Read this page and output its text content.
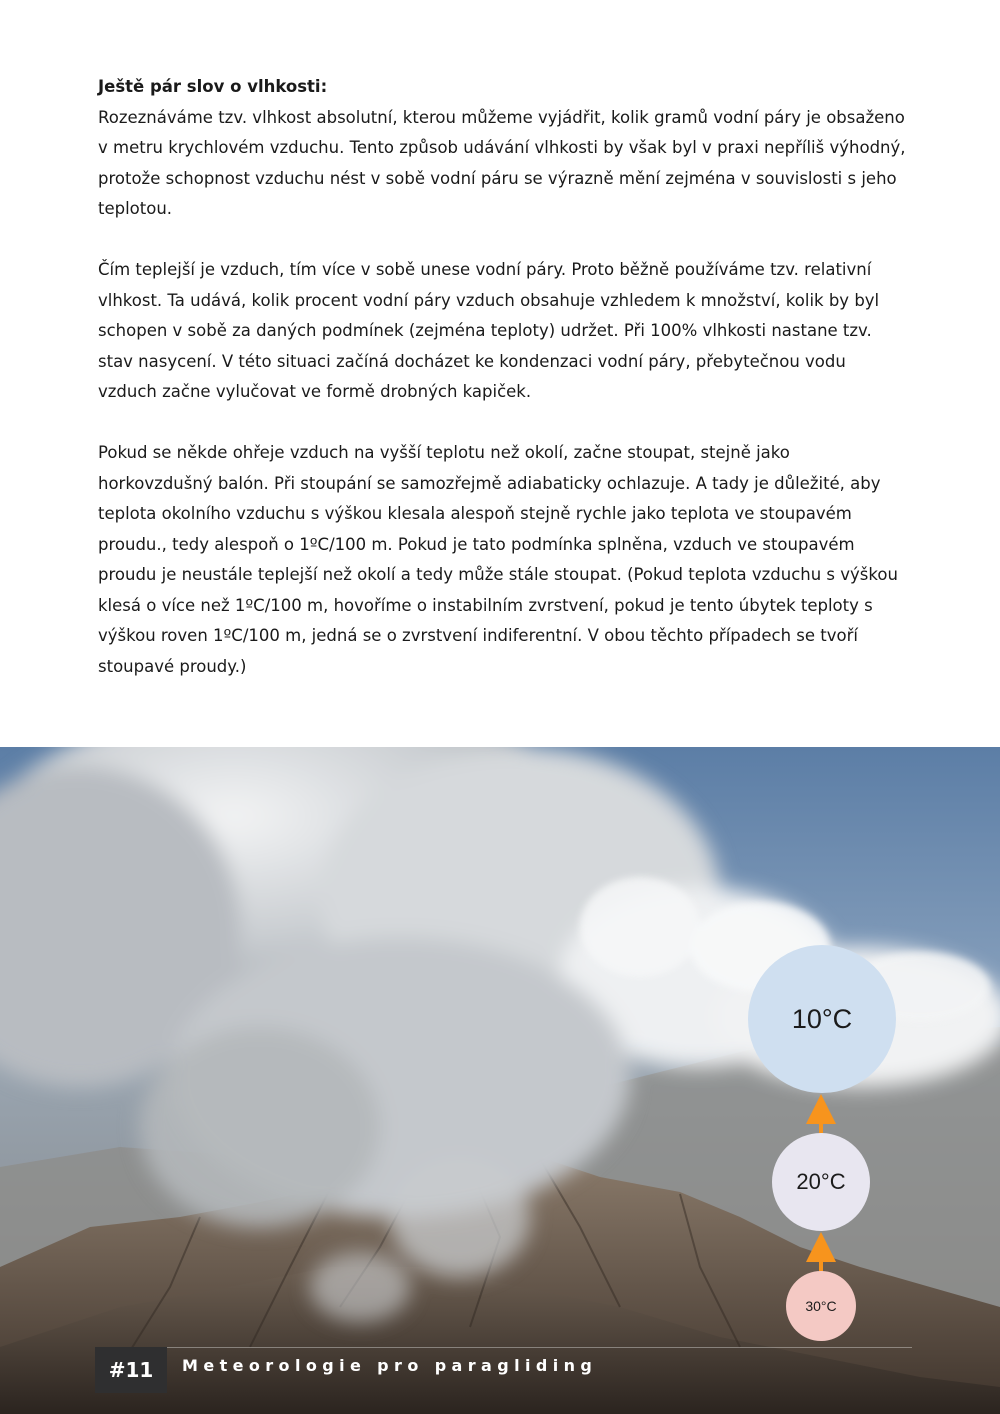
Ještě pár slov o vlhkosti:

Rozeznáváme tzv. vlhkost absolutní, kterou můžeme vyjádřit, kolik gramů vodní páry je obsaženo v metru krychlovém vzduchu. Tento způsob udávání vlhkosti by však byl v praxi nepříliš výhodný, protože schopnost vzduchu nést v sobě vodní páru se výrazně mění zejména v souvislosti s jeho teplotou.

Čím teplejší je vzduch, tím více v sobě unese vodní páry. Proto běžně používáme tzv. relativní vlhkost. Ta udává, kolik procent vodní páry vzduch obsahuje vzhledem k množství, kolik by byl schopen v sobě za daných podmínek (zejména teploty) udržet. Při 100% vlhkosti nastane tzv. stav nasycení. V této situaci začíná docházet ke kondenzaci vodní páry, přebytečnou vodu vzduch začne vylučovat ve formě drobných kapiček.

Pokud se někde ohřeje vzduch na vyšší teplotu než okolí, začne stoupat, stejně jako horkovzdušný balón. Při stoupání se samozřejmě adiabaticky ochlazuje. A tady je důležité, aby teplota okolního vzduchu s výškou klesala alespoň stejně rychle jako teplota ve stoupavém proudu., tedy alespoň o 1ºC/100 m. Pokud je tato podmínka splněna, vzduch ve stoupavém proudu je neustále teplejší než okolí a tedy může stále stoupat. (Pokud teplota vzduchu s výškou klesá o více než 1ºC/100 m, hovoříme o instabilním zvrstvení, pokud je tento úbytek teploty s výškou roven 1ºC/100 m, jedná se o zvrstvení indiferentní. V obou těchto případech se tvoří stoupavé proudy.)

10°C
20°C
30°C
#11	Meteorologie pro paragliding
